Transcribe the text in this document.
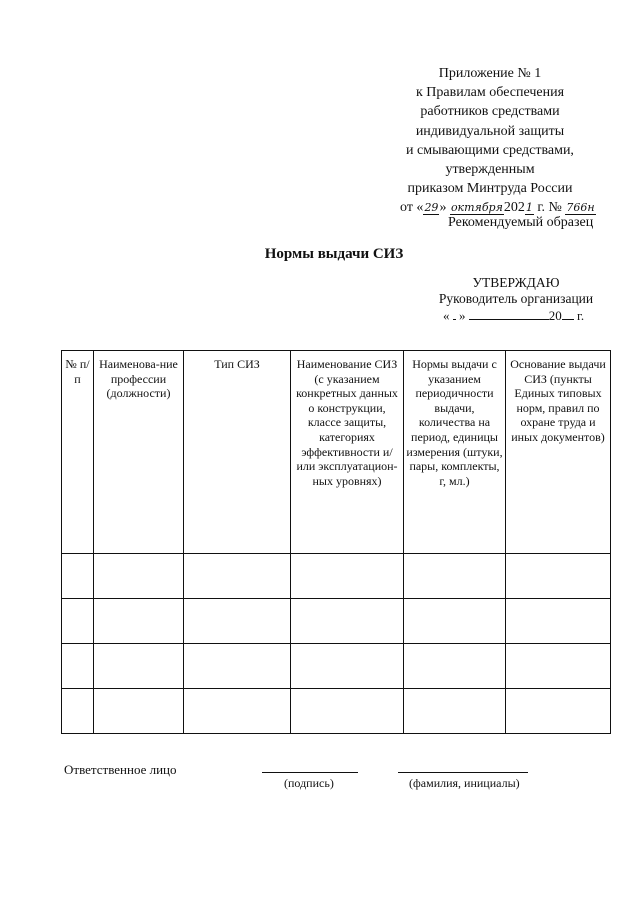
Приложение № 1
к Правилам обеспечения
работников средствами
индивидуальной защиты
и смывающими средствами,
утвержденным
приказом Минтруда России
от «29» октября2021 г. № 766н
Рекомендуемый образец
Нормы выдачи СИЗ
УТВЕРЖДАЮ
Руководитель организации
« »	20 г.
№ п/п	Наименова-ние профессии (должности)	Тип СИЗ	Наименование СИЗ (с указанием конкретных данных о конструкции, классе защиты, категориях эффективности и/или эксплуатацион-ных уровнях)	Нормы выдачи с указанием периодичности выдачи, количества на период, единицы измерения (штуки, пары, комплекты, г, мл.)	Основание выдачи СИЗ (пункты Единых типовых норм, правил по охране труда и иных документов)

Ответственное лицо
(подпись)	(фамилия, инициалы)
